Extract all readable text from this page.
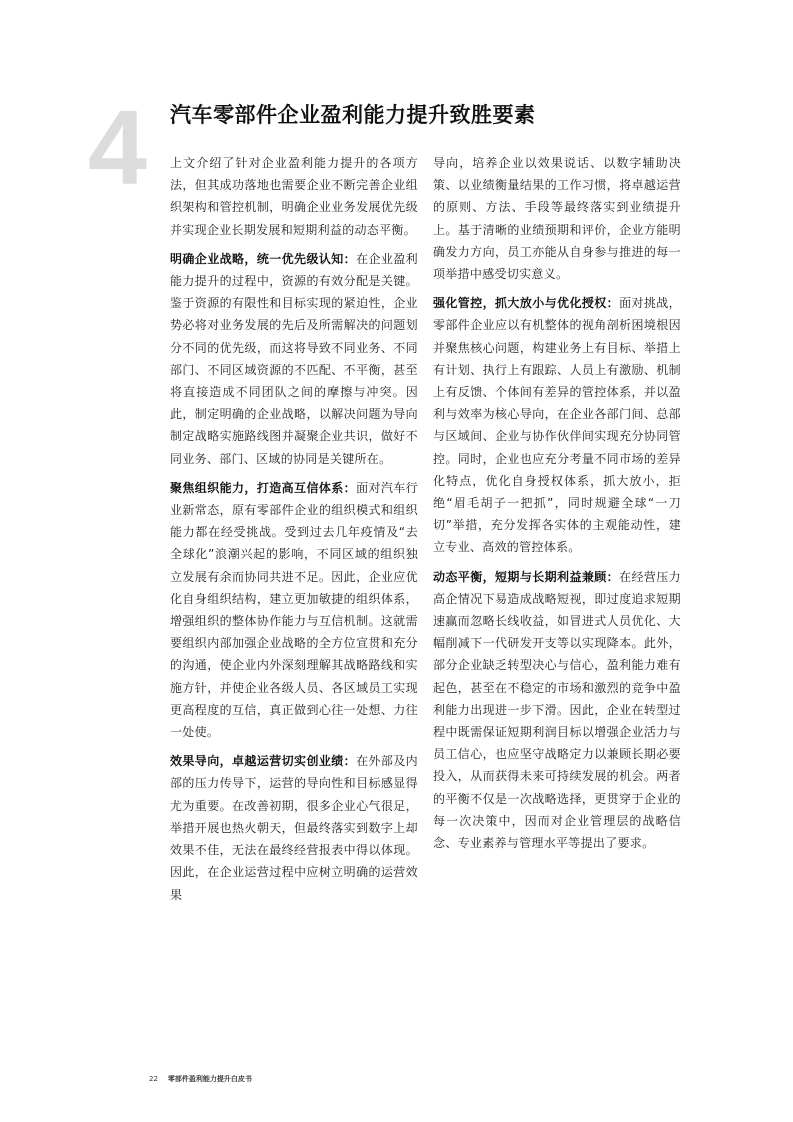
4 汽车零部件企业盈利能力提升致胜要素

上文介绍了针对企业盈利能力提升的各项方法，但其成功落地也需要企业不断完善企业组织架构和管控机制，明确企业业务发展优先级并实现企业长期发展和短期利益的动态平衡。

明确企业战略，统一优先级认知：在企业盈利能力提升的过程中，资源的有效分配是关键。鉴于资源的有限性和目标实现的紧迫性，企业势必将对业务发展的先后及所需解决的问题划分不同的优先级，而这将导致不同业务、不同部门、不同区域资源的不匹配、不平衡，甚至将直接造成不同团队之间的摩擦与冲突。因此，制定明确的企业战略，以解决问题为导向制定战略实施路线图并凝聚企业共识，做好不同业务、部门、区域的协同是关键所在。

聚焦组织能力，打造高互信体系：面对汽车行业新常态，原有零部件企业的组织模式和组织能力都在经受挑战。受到过去几年疫情及“去全球化”浪潮兴起的影响，不同区域的组织独立发展有余而协同共进不足。因此，企业应优化自身组织结构，建立更加敏捷的组织体系，增强组织的整体协作能力与互信机制。这就需要组织内部加强企业战略的全方位宣贯和充分的沟通，使企业内外深刻理解其战略路线和实施方针，并使企业各级人员、各区域员工实现更高程度的互信，真正做到心往一处想、力往一处使。

效果导向，卓越运营切实创业绩：在外部及内部的压力传导下，运营的导向性和目标感显得尤为重要。在改善初期，很多企业心气很足，举措开展也热火朝天，但最终落实到数字上却效果不佳，无法在最终经营报表中得以体现。因此，在企业运营过程中应树立明确的运营效果

导向，培养企业以效果说话、以数字辅助决策、以业绩衡量结果的工作习惯，将卓越运营的原则、方法、手段等最终落实到业绩提升上。基于清晰的业绩预期和评价，企业方能明确发力方向，员工亦能从自身参与推进的每一项举措中感受切实意义。

强化管控，抓大放小与优化授权：面对挑战，零部件企业应以有机整体的视角剖析困境根因并聚焦核心问题，构建业务上有目标、举措上有计划、执行上有跟踪、人员上有激励、机制上有反馈、个体间有差异的管控体系，并以盈利与效率为核心导向，在企业各部门间、总部与区域间、企业与协作伙伴间实现充分协同管控。同时，企业也应充分考量不同市场的差异化特点，优化自身授权体系，抓大放小，拒绝“眉毛胡子一把抓”，同时规避全球“一刀切”举措，充分发挥各实体的主观能动性，建立专业、高效的管控体系。

动态平衡，短期与长期利益兼顾：在经营压力高企情况下易造成战略短视，即过度追求短期速赢而忽略长线收益，如冒进式人员优化、大幅削减下一代研发开支等以实现降本。此外，部分企业缺乏转型决心与信心，盈利能力难有起色，甚至在不稳定的市场和激烈的竞争中盈利能力出现进一步下滑。因此，企业在转型过程中既需保证短期利润目标以增强企业活力与员工信心，也应坚守战略定力以兼顾长期必要投入，从而获得未来可持续发展的机会。两者的平衡不仅是一次战略选择，更贯穿于企业的每一次决策中，因而对企业管理层的战略信念、专业素养与管理水平等提出了要求。

22 零部件盈利能力提升白皮书
